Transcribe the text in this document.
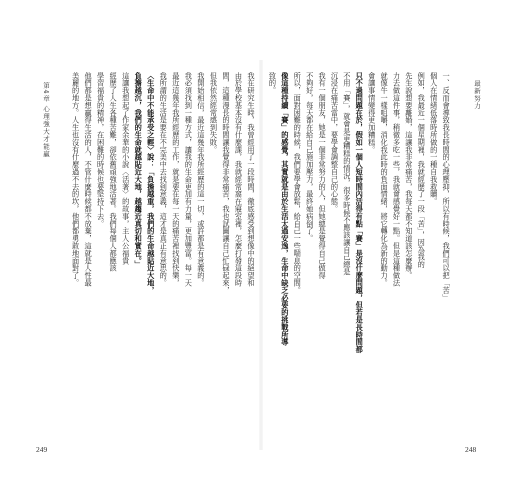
第4章 心理強大才能贏	我在研究生時，我曾經用了一段時間，徹底感受到想像中的絕望和
由於學校基本沒有什麼課，我就經常窩在寢室裡，怎麼打發這段時
間，這種漫長的時間讓我覺得非常痛苦，我也試圖讓自己忙碌起來，
但我依然經常感到失敗。
我開始相信，最近這幾年我所經歷的這一切，或許都是有意義的。
我必須找到一種方式，讓我的生命更加有力量，更加豐富。每一天
最近這幾年我所經歷的工作，就是要在每一天的痛苦裡找到快樂，
我所謂的生活是要在不完美中去找到意義，這才是真正有意思的。
〈生命中不能承受之輕〉說：「負擔越重，我們的生命越貼近大地，
負擔越沉，我們的生命就越貼近大地，越趨近真切和實在。」
這讓我想起了作家余華的小說〈活著〉的故事，主人公福貴
經歷了人生各種苦難，卻依舊頑強地活著。我們每個人都應該
學習福貴的精神，在困難的時候也要堅持下去。
他們都是想贏得生活的人，不管什麼時候都不放棄，這就是人性最
美麗的地方。人生也沒有什麼過不去的坎，他們都勇敢地面對了。
249
最新努力
一、反而會導致我長時間的心理壓抑，所以有時候，我們可以把「苦」
個人在情緒低落時所做的一種自我救贖。
例如，我最近一個星期裡，我就經歷了一段「苦」，因為我的
先生說想要離婚，這讓我非常痛苦，我每天都不知道該怎麼辦。
力去做這件事，稍微多吃一些，我就會感覺好一點。但是這種做法
就像牛一樣咀嚼，消化我此時的負面情緒，將它轉化為新的動力。
會讓事情變得更加糟糕。
只不過問題在於，假如一個人短時間內活得有點「賽」是沒什麼問題，但若是長時間都
不用「賽」，就會是更糟糕的情況，很多時候不應該讓自己總是
沉浸在痛苦當中，要學會調整自己的心態。
我有一個朋友，她是一個非常努力的人，但她總是覺得自己做得
不夠好，每天都在給自己施加壓力，最終她病倒了。
所以，面對困難的時候，我們要學會放鬆，給自己一些喘息的空間。
像這種持續「賽」的感覺，其實就是由於生活太過安逸，生命中缺乏必要的挑戰所導
致的。
248
